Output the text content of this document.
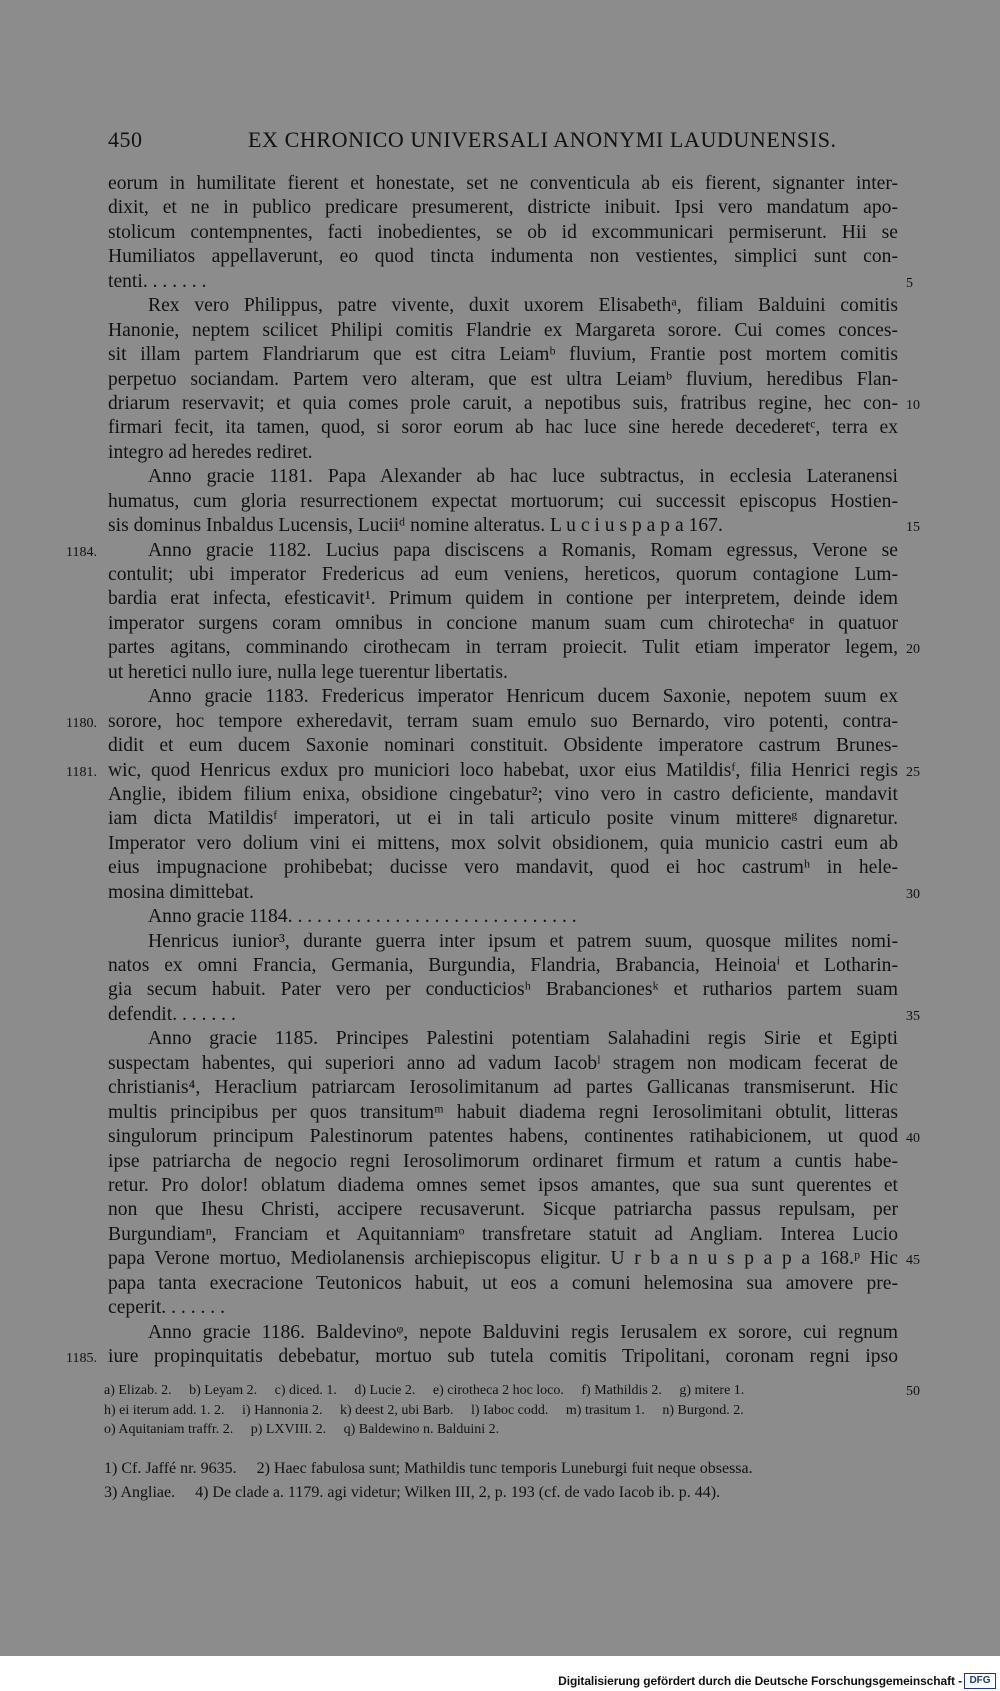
450	EX CHRONICO UNIVERSALI ANONYMI LAUDUNENSIS.
eorum in humilitate fierent et honestate, set ne conventicula ab eis fierent, signanter inter-
dixit, et ne in publico predicare presumerent, districte inibuit. Ipsi vero mandatum apo-
stolicum contempnentes, facti inobedientes, se ob id excommunicari permiserunt. Hii se
Humiliatos appellaverunt, eo quod tincta indumenta non vestientes, simplici sunt con-
tenti. . . . . . .	5
Rex vero Philippus, patre vivente, duxit uxorem Elisabethᵃ, filiam Balduini comitis
Hanonie, neptem scilicet Philipi comitis Flandrie ex Margareta sorore. Cui comes conces-
sit illam partem Flandriarum que est citra Leiamᵇ fluvium, Frantie post mortem comitis
perpetuo sociandam. Partem vero alteram, que est ultra Leiamᵇ fluvium, heredibus Flan-
driarum reservavit; et quia comes prole caruit, a nepotibus suis, fratribus regine, hec con- 10
firmari fecit, ita tamen, quod, si soror eorum ab hac luce sine herede decederetᶜ, terra ex
integro ad heredes rediret.
Anno gracie 1181. Papa Alexander ab hac luce subtractus, in ecclesia Lateranensi
humatus, cum gloria resurrectionem expectat mortuorum; cui successit episcopus Hostien-
sis dominus Inbaldus Lucensis, Luciiᵈ nomine alteratus. L u c i u s p a p a 167.	15
Anno gracie 1182. Lucius papa disciscens a Romanis, Romam egressus, Verone se
1184.
contulit; ubi imperator Fredericus ad eum veniens, hereticos, quorum contagione Lum-
bardia erat infecta, efesticavit¹. Primum quidem in contione per interpretem, deinde idem
imperator surgens coram omnibus in concione manum suam cum chirotechaᵉ in quatuor
partes agitans, comminando cirothecam in terram proiecit. Tulit etiam imperator legem, 20
ut heretici nullo iure, nulla lege tuerentur libertatis.
Anno gracie 1183. Fredericus imperator Henricum ducem Saxonie, nepotem suum ex
sorore, hoc tempore exheredavit, terram suam emulo suo Bernardo, viro potenti, contra-
1180.
didit et eum ducem Saxonie nominari constituit. Obsidente imperatore castrum Brunes-
wic, quod Henricus exdux pro municiori loco habebat, uxor eius Matildisᶠ, filia Henrici regis 25
1181.
Anglie, ibidem filium enixa, obsidione cingebatur²; vino vero in castro deficiente, mandavit
iam dicta Matildisᶠ imperatori, ut ei in tali articulo posite vinum mittereᵍ dignaretur.
Imperator vero dolium vini ei mittens, mox solvit obsidionem, quia municio castri eum ab
eius impugnacione prohibebat; ducisse vero mandavit, quod ei hoc castrumʰ in hele-
mosina dimittebat.	30
Anno gracie 1184. . . . . . . . . . . . . . . . . . . . . . . . . . . . . .
Henricus iunior³, durante guerra inter ipsum et patrem suum, quosque milites nomi-
natos ex omni Francia, Germania, Burgundia, Flandria, Brabancia, Heinoiaⁱ et Lotharin-
gia secum habuit. Pater vero per conducticiosʰ Brabancionesᵏ et rutharios partem suam
defendit. . . . . . .	35
Anno gracie 1185. Principes Palestini potentiam Salahadini regis Sirie et Egipti
suspectam habentes, qui superiori anno ad vadum Iacobˡ stragem non modicam fecerat de
christianis⁴, Heraclium patriarcam Ierosolimitanum ad partes Gallicanas transmiserunt. Hic
multis principibus per quos transitumᵐ habuit diadema regni Ierosolimitani obtulit, litteras
singulorum principum Palestinorum patentes habens, continentes ratihabicionem, ut quod 40
ipse patriarcha de negocio regni Ierosolimorum ordinaret firmum et ratum a cuntis habe-
retur. Pro dolor! oblatum diadema omnes semet ipsos amantes, que sua sunt querentes et
non que Ihesu Christi, accipere recusaverunt. Sicque patriarcha passus repulsam, per
Burgundiamⁿ, Franciam et Aquitanniamᵒ transfretare statuit ad Angliam. Interea Lucio
papa Verone mortuo, Mediolanensis archiepiscopus eligitur. U r b a n u s p a p a 168.ᵖ Hic 45
papa tanta execracione Teutonicos habuit, ut eos a comuni helemosina sua amovere pre-
ceperit. . . . . . .
Anno gracie 1186. Baldevinoᵠ, nepote Balduvini regis Ierusalem ex sorore, cui regnum
iure propinquitatis debebatur, mortuo sub tutela comitis Tripolitani, coronam regni ipso
1185.
a) Elizab. 2.     b) Leyam 2.     c) diced. 1.     d) Lucie 2.     e) cirotheca 2 hoc loco.     f) Mathildis 2.     g) mitere 1.	50
h) ei iterum add. 1. 2.     i) Hannonia 2.     k) deest 2, ubi Barb.     l) Iaboc codd.     m) trasitum 1.     n) Burgond. 2.
o) Aquitaniam traffr. 2.     p) LXVIII. 2.     q) Baldewino n. Balduini 2.
1) Cf. Jaffé nr. 9635.     2) Haec fabulosa sunt; Mathildis tunc temporis Luneburgi fuit neque obsessa.
3) Angliae.     4) De clade a. 1179. agi videtur; Wilken III, 2, p. 193 (cf. de vado Iacob ib. p. 44).
Digitalisierung gefördert durch die Deutsche Forschungsgemeinschaft - DFG
